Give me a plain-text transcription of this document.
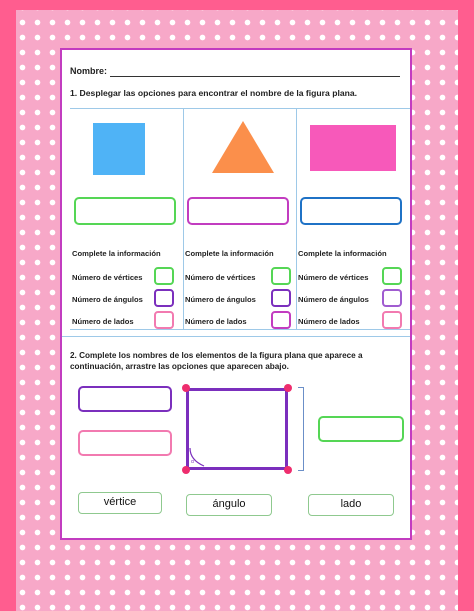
Nombre:
1. Desplegar las opciones para encontrar el nombre de la figura plana.
Complete la información
Número de vértices
Número de ángulos
Número de lados
Complete la información
Número de vértices
Número de ángulos
Número de lados
Complete la información
Número de vértices
Número de ángulos
Número de lados
2. Complete los nombres de los elementos de la figura plana que aparece a continuación, arrastre las opciones que aparecen abajo.
α
ángulo
vértice	lado
